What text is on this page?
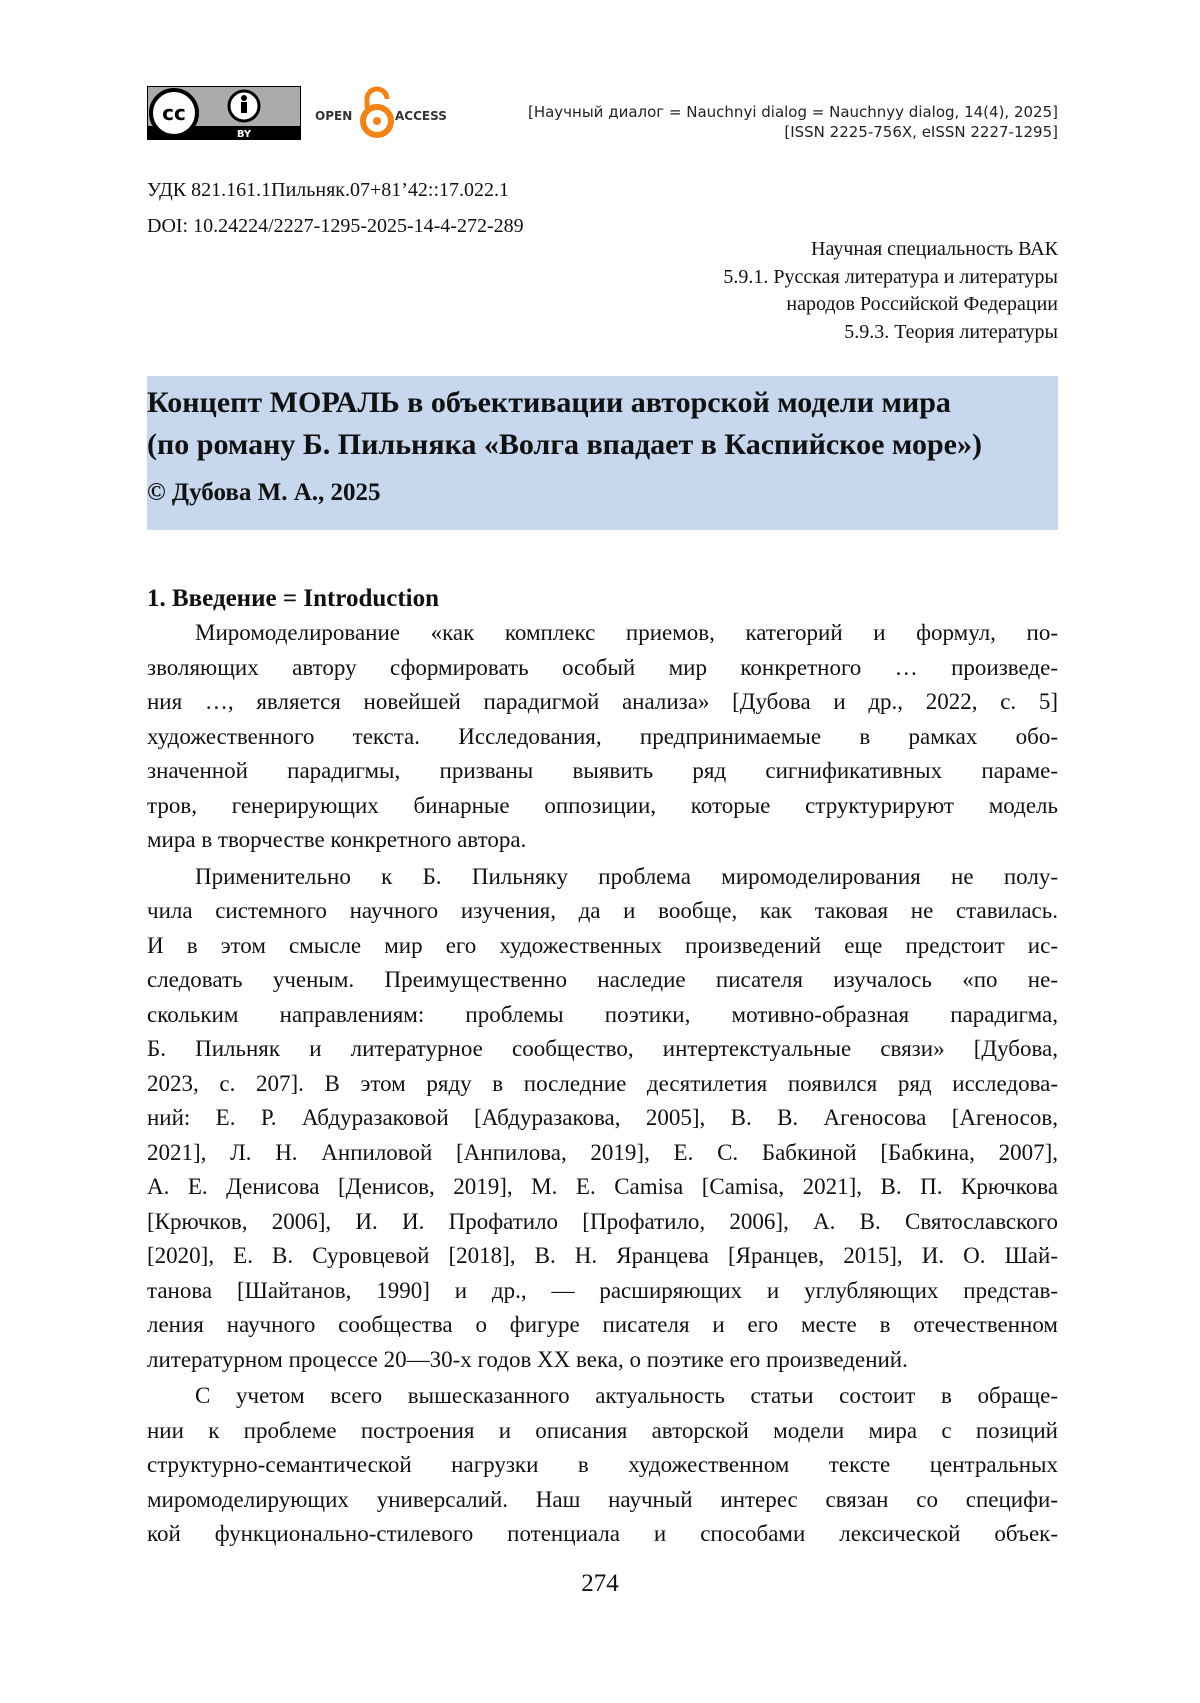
cc
BY
OPEN	ACCESS	[Научный диалог = Nauchnyi dialog = Nauchnyy dialog, 14(4), 2025]
[ISSN 2225-756X, eISSN 2227-1295]
УДК 821.161.1Пильняк.07+81’42::17.022.1
DOI: 10.24224/2227-1295-2025-14-4-272-289
Научная специальность ВАК
5.9.1. Русская литература и литературы
народов Российской Федерации
5.9.3. Теория литературы
Концепт МОРАЛЬ в объективации авторской модели мира
(по роману Б. Пильняка «Волга впадает в Каспийское море»)
© Дубова М. А., 2025
1. Введение = Introduction

Миромоделирование «как комплекс приемов, категорий и формул, по-
зволяющих автору сформировать особый мир конкретного … произведе-
ния …, является новейшей парадигмой анализа» [Дубова и др., 2022, с. 5]
художественного текста. Исследования, предпринимаемые в рамках обо-
значенной парадигмы, призваны выявить ряд сигнификативных параме-
тров, генерирующих бинарные оппозиции, которые структурируют модель
мира в творчестве конкретного автора.

Применительно к Б. Пильняку проблема миромоделирования не полу-
чила системного научного изучения, да и вообще, как таковая не ставилась.
И в этом смысле мир его художественных произведений еще предстоит ис-
следовать ученым. Преимущественно наследие писателя изучалось «по не-
скольким направлениям: проблемы поэтики, мотивно-образная парадигма,
Б. Пильняк и литературное сообщество, интертекстуальные связи» [Дубова,
2023, с. 207]. В этом ряду в последние десятилетия появился ряд исследова-
ний: Е. Р. Абдуразаковой [Абдуразакова, 2005], В. В. Агеносова [Агеносов,
2021], Л. Н. Анпиловой [Анпилова, 2019], Е. С. Бабкиной [Бабкина, 2007],
А. Е. Денисова [Денисов, 2019], M. E. Camisa [Camisa, 2021], В. П. Крючкова
[Крючков, 2006], И. И. Профатило [Профатило, 2006], А. В. Святославского
[2020], Е. В. Суровцевой [2018], В. Н. Яранцева [Яранцев, 2015], И. О. Шай-
танова [Шайтанов, 1990] и др., — расширяющих и углубляющих представ-
ления научного сообщества о фигуре писателя и его месте в отечественном
литературном процессе 20—30-х годов XX века, о поэтике его произведений.

С учетом всего вышесказанного актуальность статьи состоит в обраще-
нии к проблеме построения и описания авторской модели мира с позиций
структурно-семантической нагрузки в художественном тексте центральных
миромоделирующих универсалий. Наш научный интерес связан со специфи-
кой функционально-стилевого потенциала и способами лексической объек-

274
